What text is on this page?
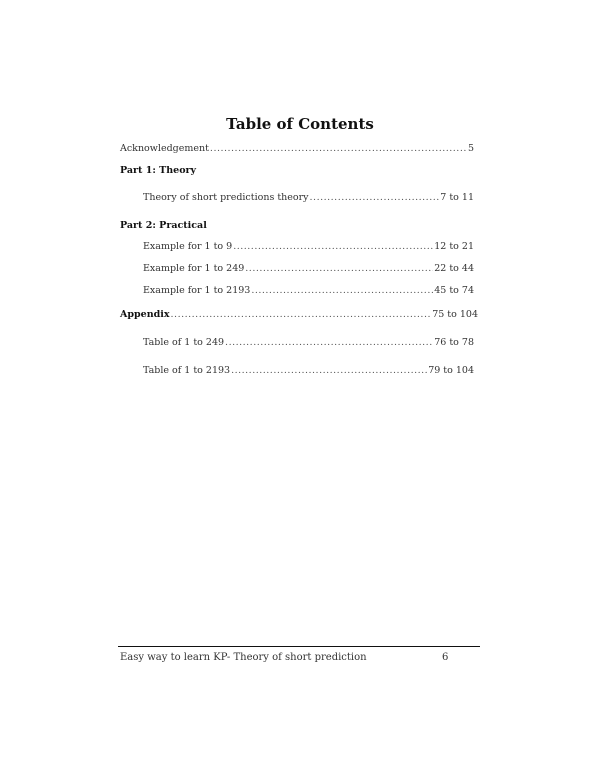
Table of Contents
Acknowledgement .....	5
Part 1: Theory
Theory of short predictions theory .....	7 to 11
Part 2: Practical
Example for 1 to 9 .....	12 to 21
Example for 1 to 249 .....	22 to 44
Example for 1 to 2193 .....	45 to 74
Appendix .....	75 to 104
Table of 1 to 249 .....	76 to 78
Table of 1 to 2193 .....	79 to 104
Easy way to learn KP- Theory of short prediction	6
